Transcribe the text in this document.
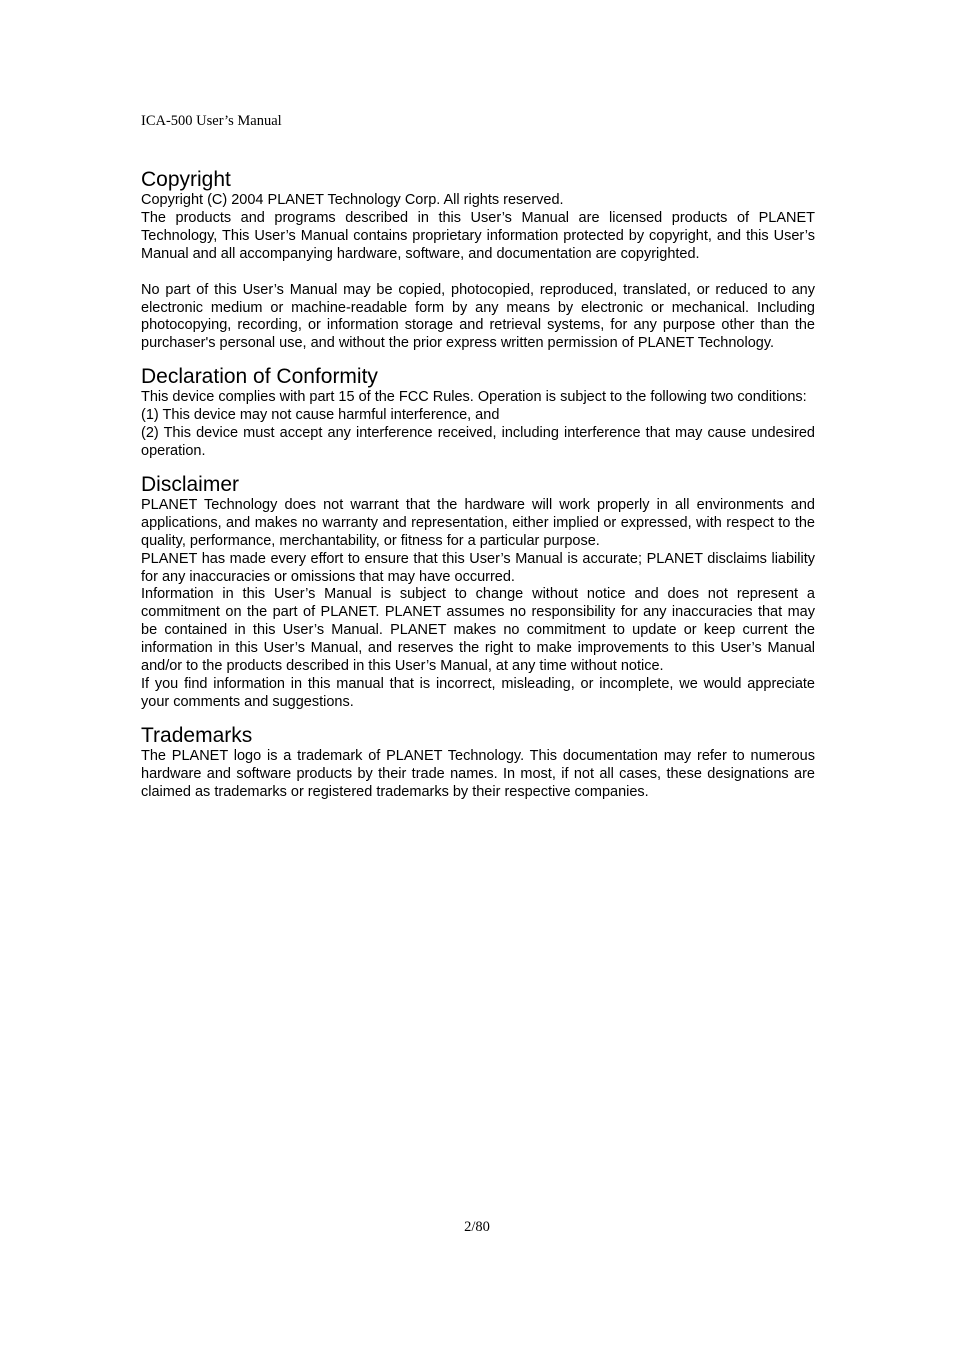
ICA-500 User’s Manual
Copyright

Copyright (C) 2004 PLANET Technology Corp. All rights reserved.

The products and programs described in this User’s Manual are licensed products of PLANET Technology, This User’s Manual contains proprietary information protected by copyright, and this User’s Manual and all accompanying hardware, software, and documentation are copyrighted.

No part of this User’s Manual may be copied, photocopied, reproduced, translated, or reduced to any electronic medium or machine-readable form by any means by electronic or mechanical. Including photocopying, recording, or information storage and retrieval systems, for any purpose other than the purchaser's personal use, and without the prior express written permission of PLANET Technology.

Declaration of Conformity

This device complies with part 15 of the FCC Rules. Operation is subject to the following two conditions:

(1) This device may not cause harmful interference, and

(2) This device must accept any interference received, including interference that may cause undesired operation.

Disclaimer

PLANET Technology does not warrant that the hardware will work properly in all environments and applications, and makes no warranty and representation, either implied or expressed, with respect to the quality, performance, merchantability, or fitness for a particular purpose.

PLANET has made every effort to ensure that this User’s Manual is accurate; PLANET disclaims liability for any inaccuracies or omissions that may have occurred.

Information in this User’s Manual is subject to change without notice and does not represent a commitment on the part of PLANET. PLANET assumes no responsibility for any inaccuracies that may be contained in this User’s Manual. PLANET makes no commitment to update or keep current the information in this User’s Manual, and reserves the right to make improvements to this User’s Manual and/or to the products described in this User’s Manual, at any time without notice.

If you find information in this manual that is incorrect, misleading, or incomplete, we would appreciate your comments and suggestions.

Trademarks

The PLANET logo is a trademark of PLANET Technology. This documentation may refer to numerous hardware and software products by their trade names. In most, if not all cases, these designations are claimed as trademarks or registered trademarks by their respective companies.

2/80
